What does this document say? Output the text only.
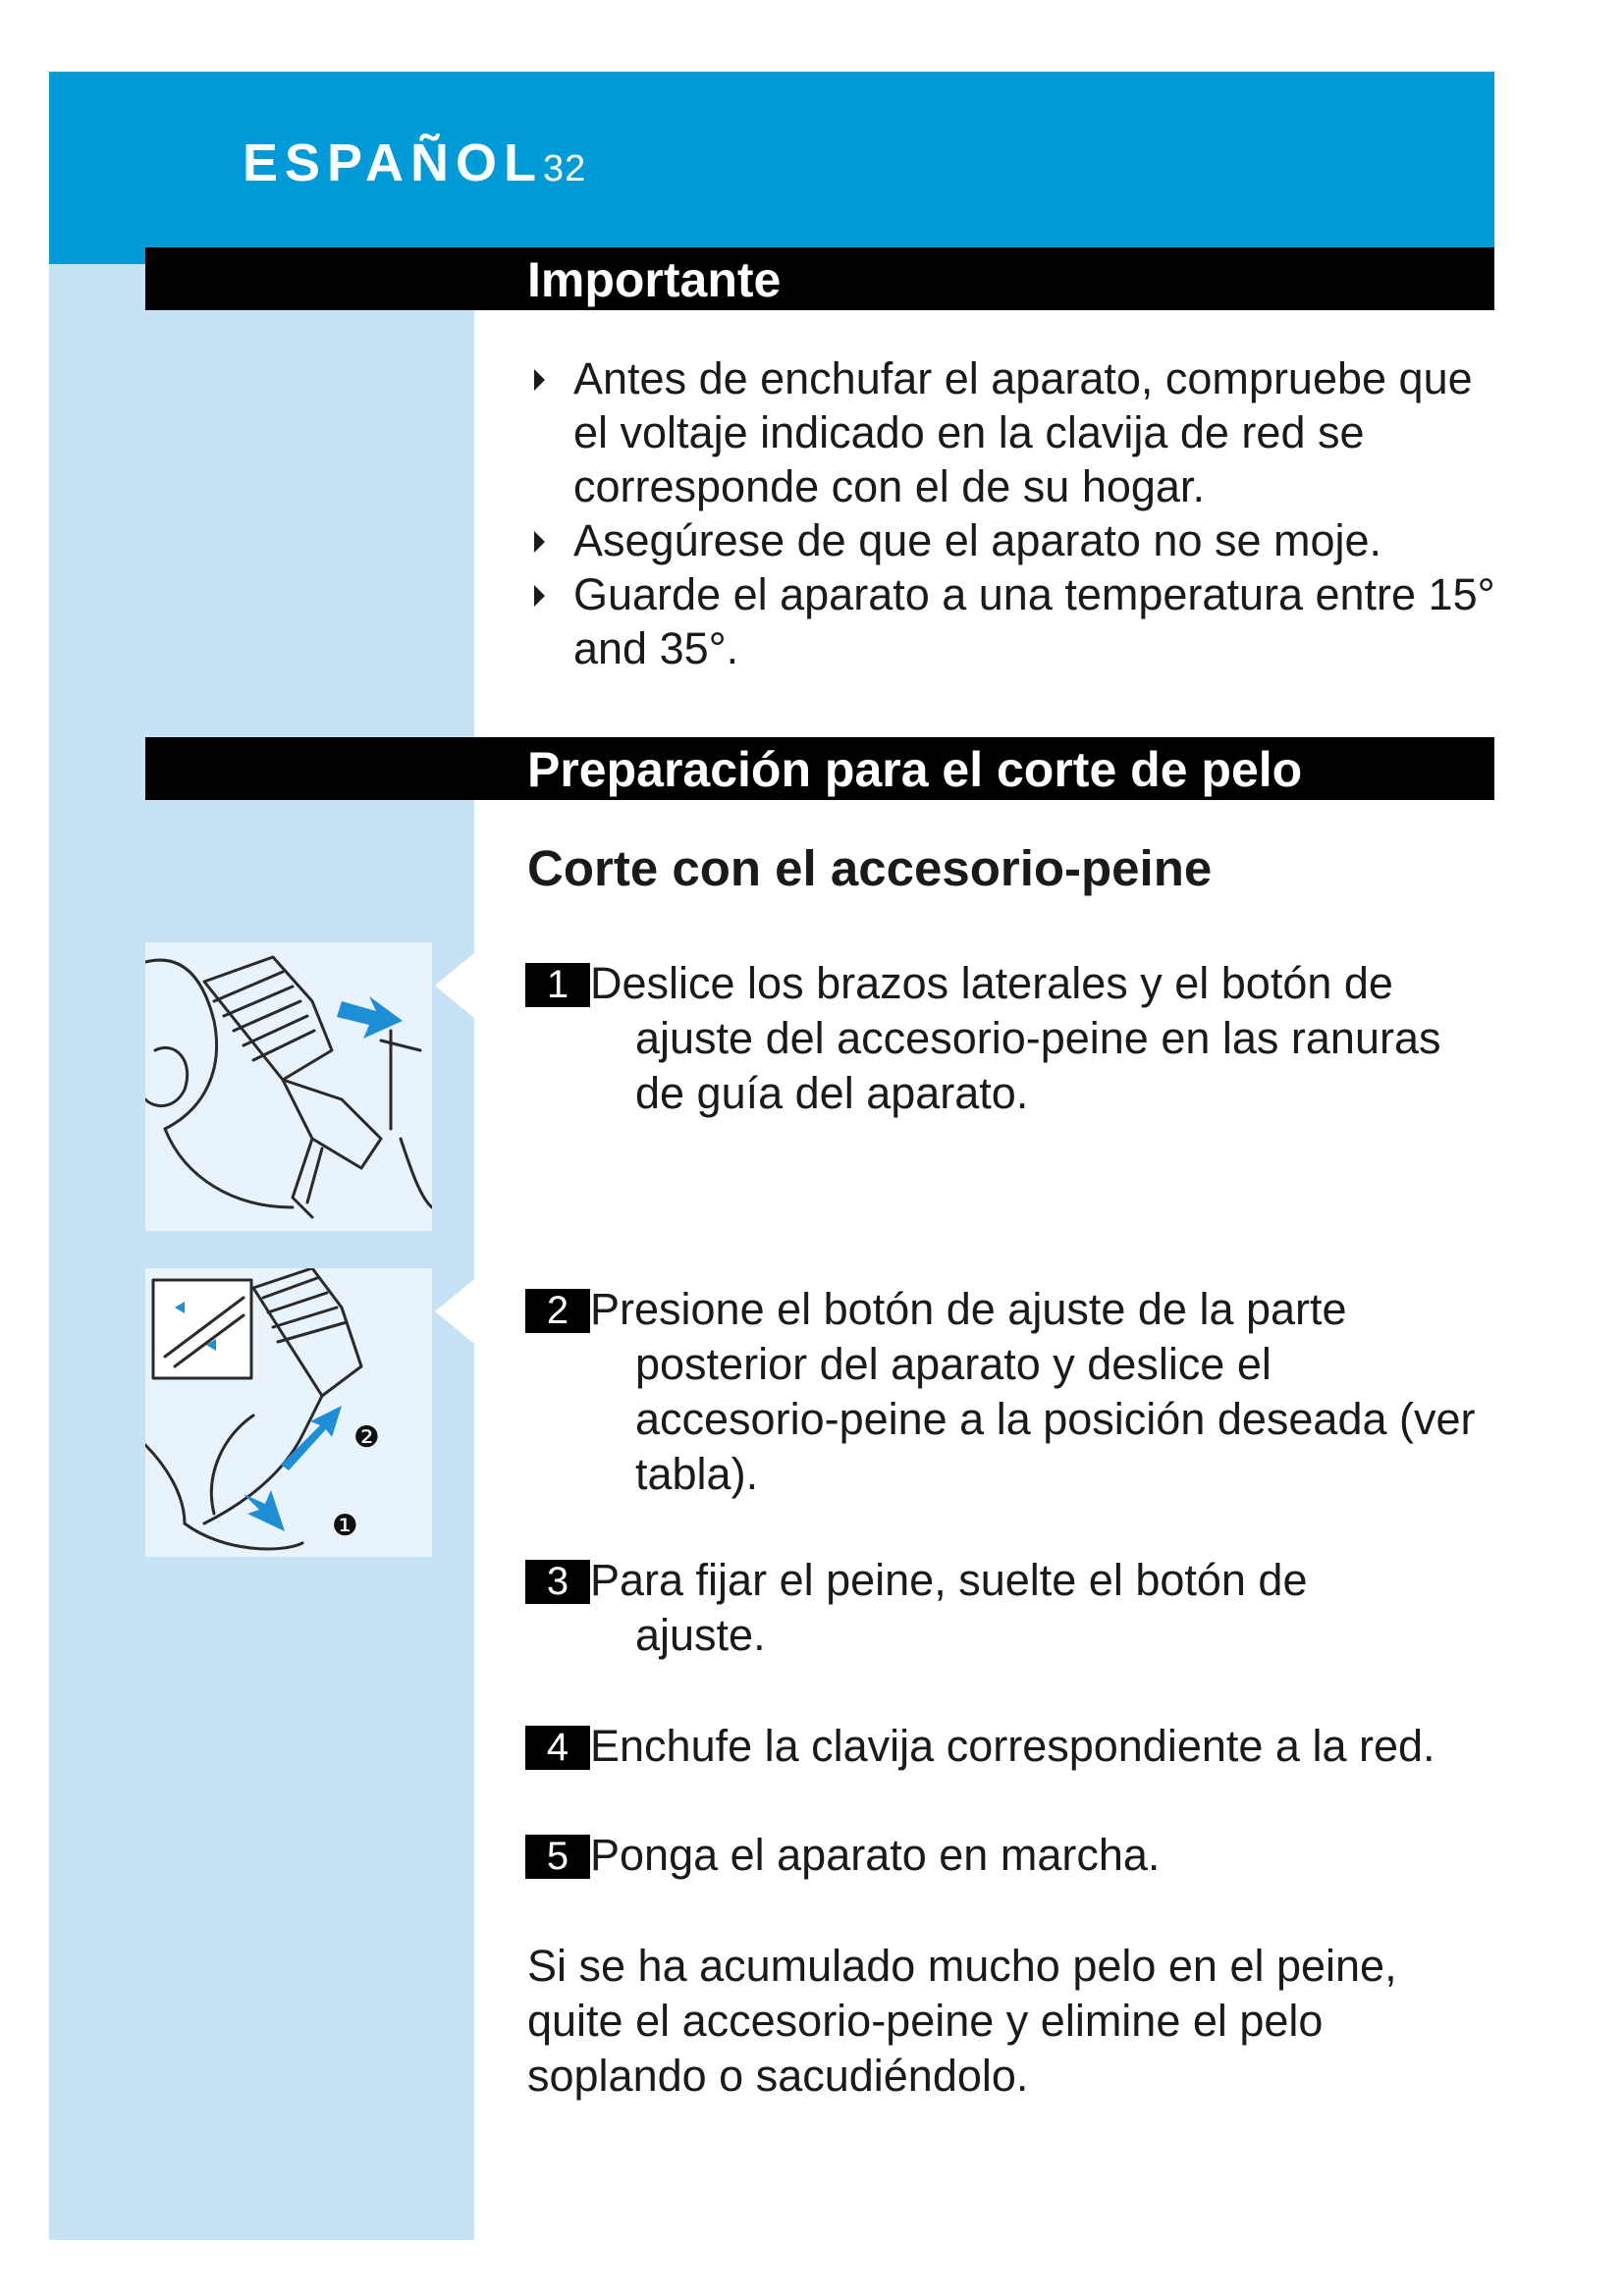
ESPAÑOL32
Importante

Antes de enchufar el aparato, compruebe que el voltaje indicado en la clavija de red se corresponde con el de su hogar.

Asegúrese de que el aparato no se moje.

Guarde el aparato a una temperatura entre 15° and 35°.

Preparación para el corte de pelo
Corte con el accesorio-peine
❷
❶
1 Deslice los brazos laterales y el botón de
ajuste del accesorio-peine en las ranuras
de guía del aparato.
2 Presione el botón de ajuste de la parte
posterior del aparato y deslice el
accesorio-peine a la posición deseada (ver
tabla).
3 Para fijar el peine, suelte el botón de
ajuste.
4 Enchufe la clavija correspondiente a la red.
5 Ponga el aparato en marcha.
Si se ha acumulado mucho pelo en el peine, quite el accesorio-peine y elimine el pelo soplando o sacudiéndolo.
